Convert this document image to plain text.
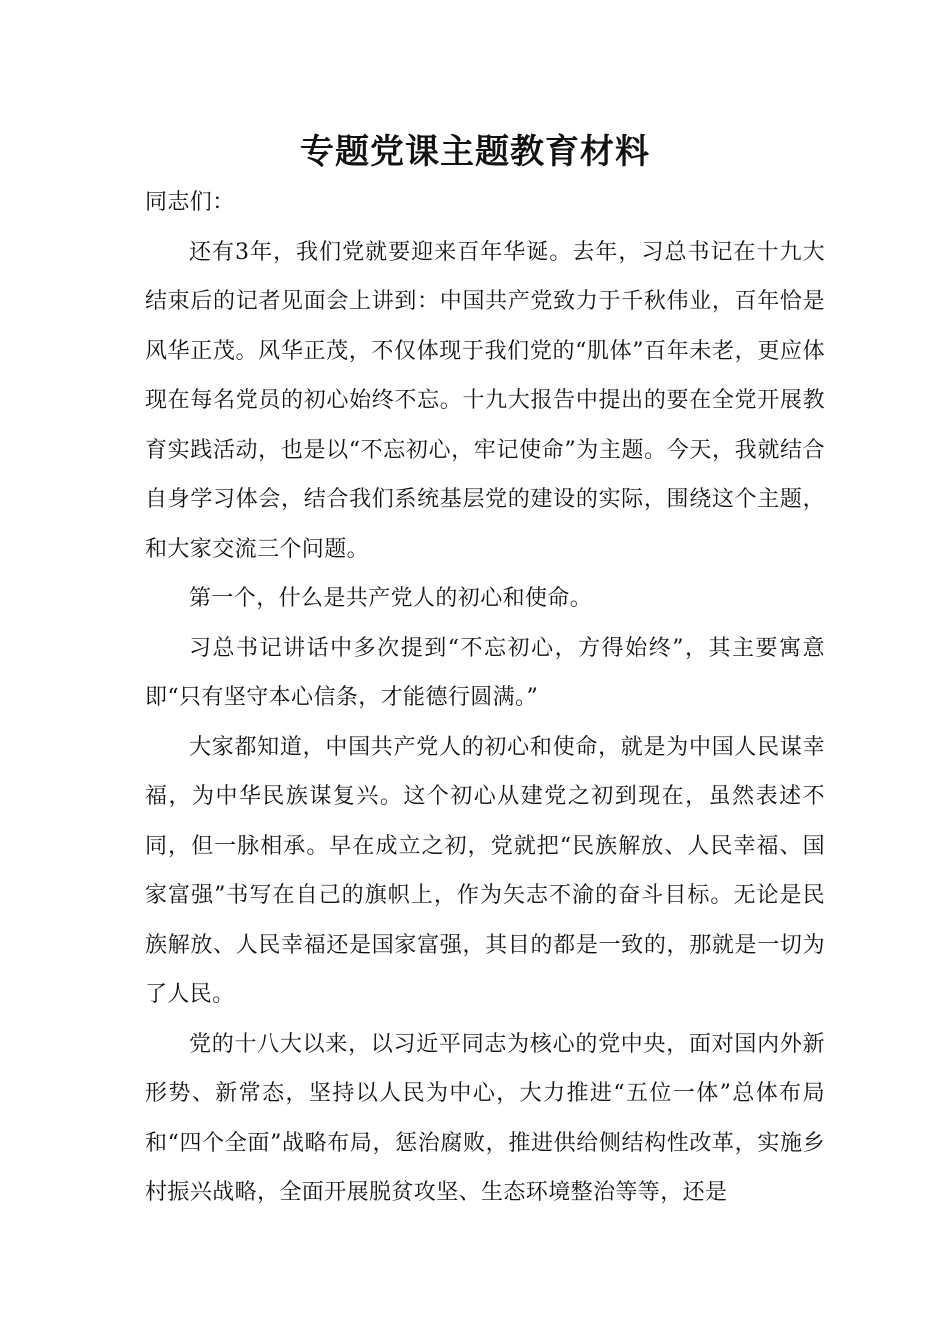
专题党课主题教育材料

同志们：

还有3年，我们党就要迎来百年华诞。去年，习总书记在十九大结束后的记者见面会上讲到：中国共产党致力于千秋伟业，百年恰是风华正茂。风华正茂，不仅体现于我们党的“肌体”百年未老，更应体现在每名党员的初心始终不忘。十九大报告中提出的要在全党开展教育实践活动，也是以“不忘初心，牢记使命”为主题。今天，我就结合自身学习体会，结合我们系统基层党的建设的实际，围绕这个主题，和大家交流三个问题。

第一个，什么是共产党人的初心和使命。

习总书记讲话中多次提到“不忘初心，方得始终”，其主要寓意即“只有坚守本心信条，才能德行圆满。”

大家都知道，中国共产党人的初心和使命，就是为中国人民谋幸福，为中华民族谋复兴。这个初心从建党之初到现在，虽然表述不同，但一脉相承。早在成立之初，党就把“民族解放、人民幸福、国家富强”书写在自己的旗帜上，作为矢志不渝的奋斗目标。无论是民族解放、人民幸福还是国家富强，其目的都是一致的，那就是一切为了人民。

党的十八大以来，以习近平同志为核心的党中央，面对国内外新形势、新常态，坚持以人民为中心，大力推进“五位一体”总体布局和“四个全面”战略布局，惩治腐败，推进供给侧结构性改革，实施乡村振兴战略，全面开展脱贫攻坚、生态环境整治等等，还是
